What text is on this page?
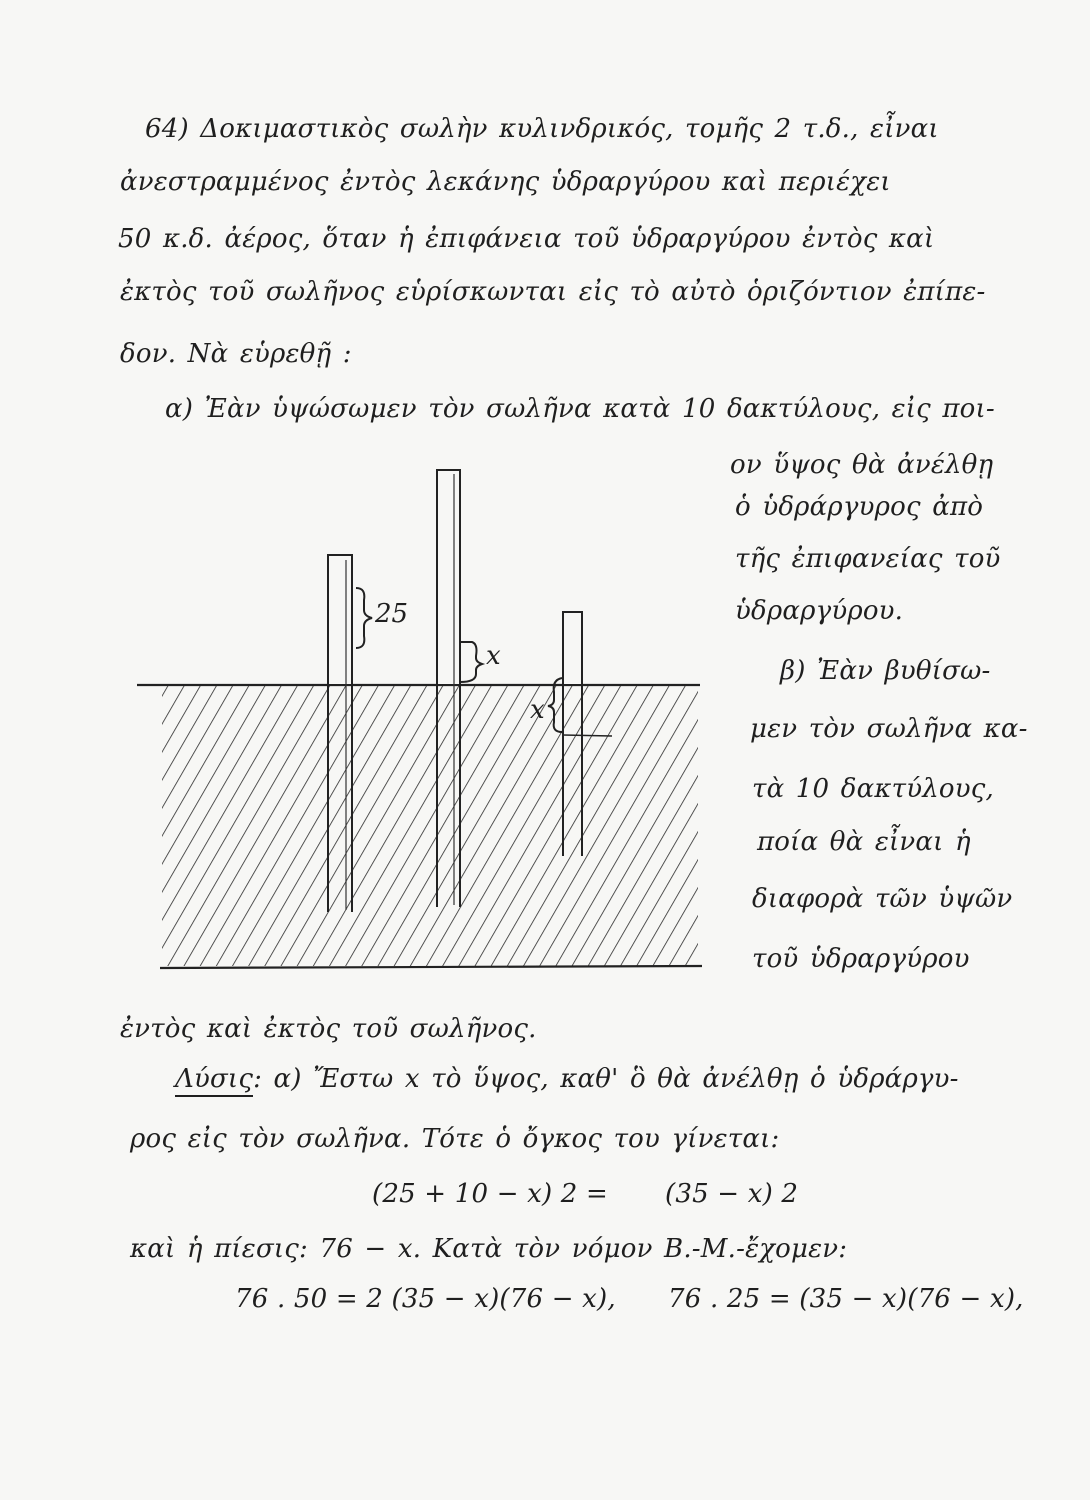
64) Δοκιμαστικὸς σωλὴν κυλινδρικός, τομῆς 2 τ.δ., εἶναι
ἀνεστραμμένος ἐντὸς λεκάνης ὑδραργύρου καὶ περιέχει
50 κ.δ. ἀέρος, ὅταν ἡ ἐπιφάνεια τοῦ ὑδραργύρου ἐντὸς καὶ
ἐκτὸς τοῦ σωλῆνος εὑρίσκωνται εἰς τὸ αὐτὸ ὁριζόντιον ἐπίπε-
δον. Νὰ εὑρεθῇ :
α) Ἐὰν ὑψώσωμεν τὸν σωλῆνα κατὰ 10 δακτύλους, εἰς ποι-
ον ὕψος θὰ ἀνέλθῃ
ὁ ὑδράργυρος ἀπὸ
τῆς ἐπιφανείας τοῦ
ὑδραργύρου.
β) Ἐὰν βυθίσω-
μεν τὸν σωλῆνα κα-
τὰ 10 δακτύλους,
ποία θὰ εἶναι ἡ
διαφορὰ τῶν ὑψῶν
τοῦ ὑδραργύρου
ἐντὸς καὶ ἐκτὸς τοῦ σωλῆνος.
25
x
x
Λύσις: α) Ἔστω x τὸ ὕψος, καθ' ὃ θὰ ἀνέλθῃ ὁ ὑδράργυ-
ρος εἰς τὸν σωλῆνα. Τότε ὁ ὄγκος του γίνεται:
(25 + 10 − x) 2 = (35 − x) 2
καὶ ἡ πίεσις: 76 − x. Κατὰ τὸν νόμον Β.-Μ.-ἔχομεν:
76 . 50 = 2 (35 − x)(76 − x), 76 . 25 = (35 − x)(76 − x),
